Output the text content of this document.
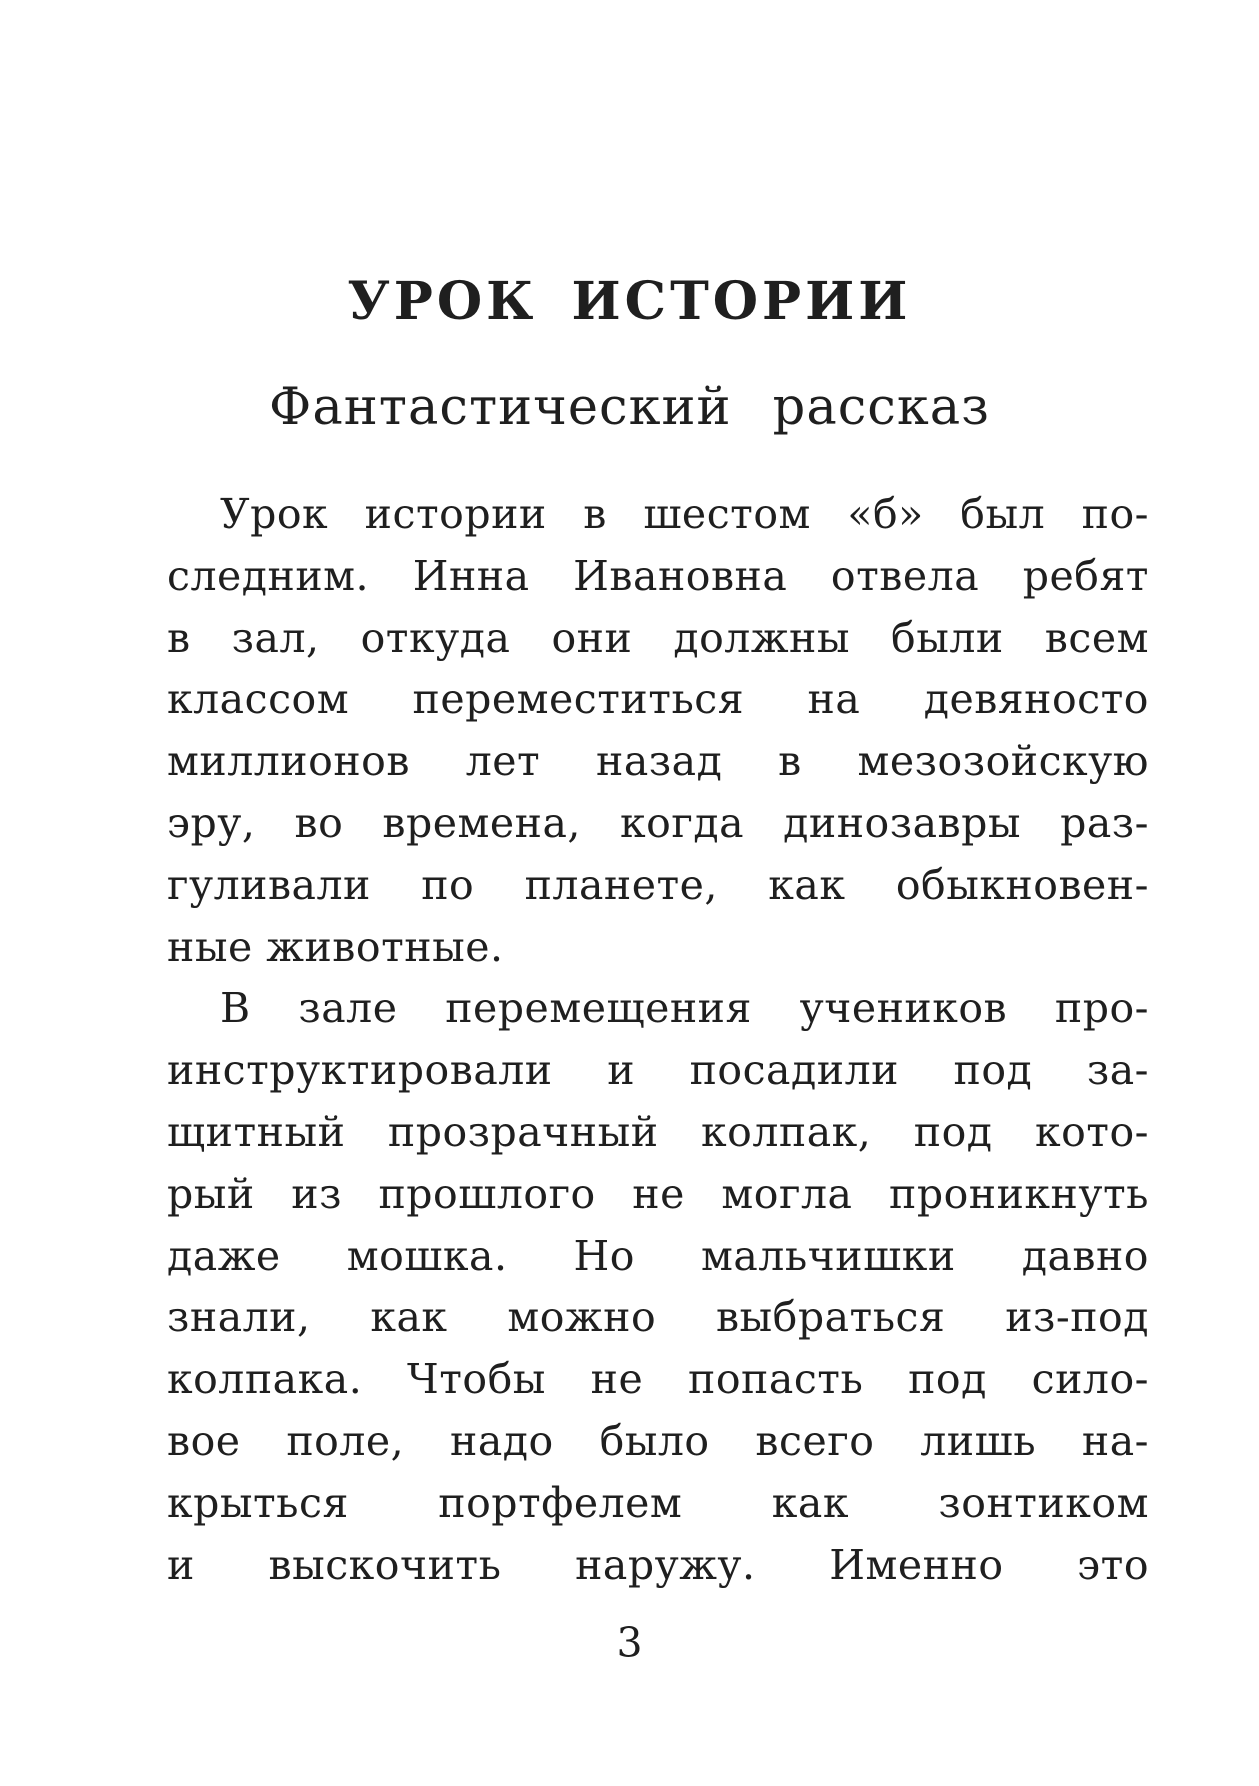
УРОК ИСТОРИИ
Фантастический рассказ
Урок истории в шестом «б» был по-
следним. Инна Ивановна отвела ребят
в зал, откуда они должны были всем
классом переместиться на девяносто
миллионов лет назад в мезозойскую
эру, во времена, когда динозавры раз-
гуливали по планете, как обыкновен-
ные животные.
В зале перемещения учеников про-
инструктировали и посадили под за-
щитный прозрачный колпак, под кото-
рый из прошлого не могла проникнуть
даже мошка. Но мальчишки давно
знали, как можно выбраться из-под
колпака. Чтобы не попасть под сило-
вое поле, надо было всего лишь на-
крыться портфелем как зонтиком
и выскочить наружу. Именно это
3
